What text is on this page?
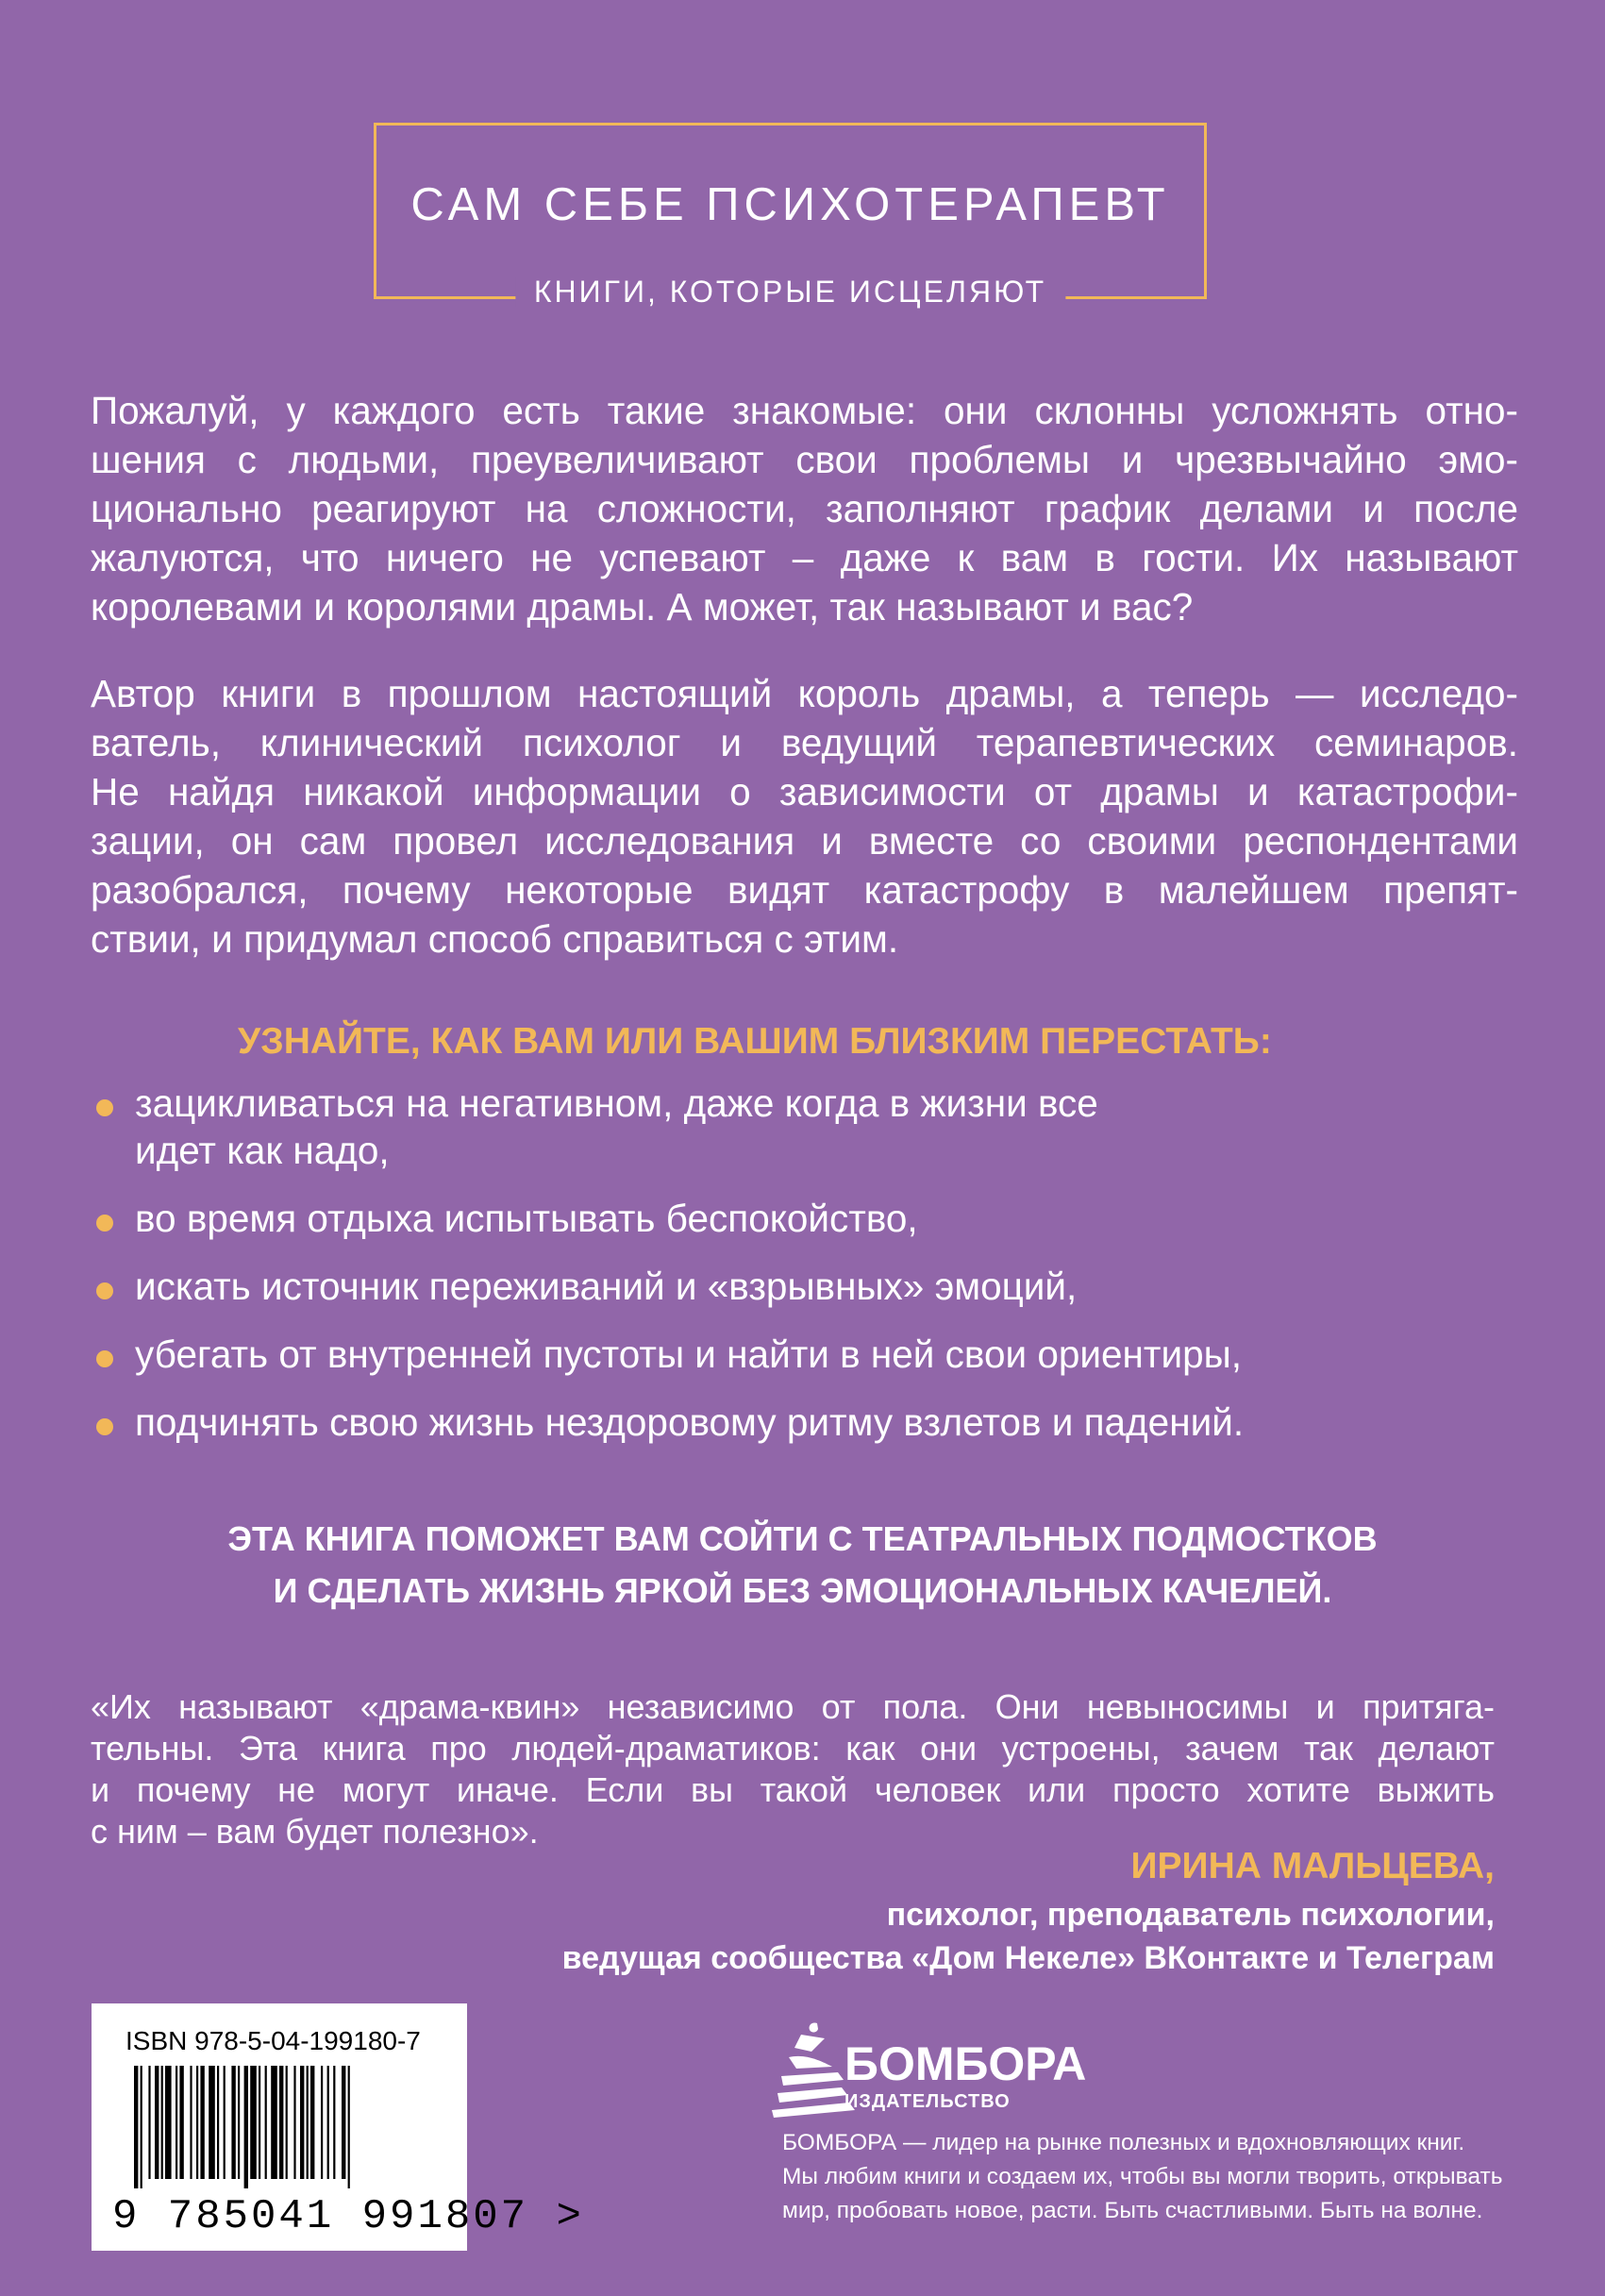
САМ СЕБЕ ПСИХОТЕРАПЕВТ
КНИГИ, КОТОРЫЕ ИСЦЕЛЯЮТ
Пожалуй, у каждого есть такие знакомые: они склонны усложнять отно-
шения с людьми, преувеличивают свои проблемы и чрезвычайно эмо-
ционально реагируют на сложности, заполняют график делами и после
жалуются, что ничего не успевают – даже к вам в гости. Их называют
королевами и королями драмы. А может, так называют и вас?
Автор книги в прошлом настоящий король драмы, а теперь — исследо-
ватель, клинический психолог и ведущий терапевтических семинаров.
Не найдя никакой информации о зависимости от драмы и катастрофи-
зации, он сам провел исследования и вместе со своими респондентами
разобрался, почему некоторые видят катастрофу в малейшем препят-
ствии, и придумал способ справиться с этим.
УЗНАЙТЕ, КАК ВАМ ИЛИ ВАШИМ БЛИЗКИМ ПЕРЕСТАТЬ:
зацикливаться на негативном, даже когда в жизни все
идет как надо,
во время отдыха испытывать беспокойство,
искать источник переживаний и «взрывных» эмоций,
убегать от внутренней пустоты и найти в ней свои ориентиры,
подчинять свою жизнь нездоровому ритму взлетов и падений.
ЭТА КНИГА ПОМОЖЕТ ВАМ СОЙТИ С ТЕАТРАЛЬНЫХ ПОДМОСТКОВ
И СДЕЛАТЬ ЖИЗНЬ ЯРКОЙ БЕЗ ЭМОЦИОНАЛЬНЫХ КАЧЕЛЕЙ.
«Их называют «драма-квин» независимо от пола. Они невыносимы и притяга-
тельны. Эта книга про людей-драматиков: как они устроены, зачем так делают
и почему не могут иначе. Если вы такой человек или просто хотите выжить
с ним – вам будет полезно».
ИРИНА МАЛЬЦЕВА,
психолог, преподаватель психологии,
ведущая сообщества «Дом Некеле» ВКонтакте и Телеграм
ISBN 978-5-04-199180-7
9 785041 991807 >
БОМБОРА
ИЗДАТЕЛЬСТВО
БОМБОРА — лидер на рынке полезных и вдохновляющих книг.
Мы любим книги и создаем их, чтобы вы могли творить, открывать
мир, пробовать новое, расти. Быть счастливыми. Быть на волне.
